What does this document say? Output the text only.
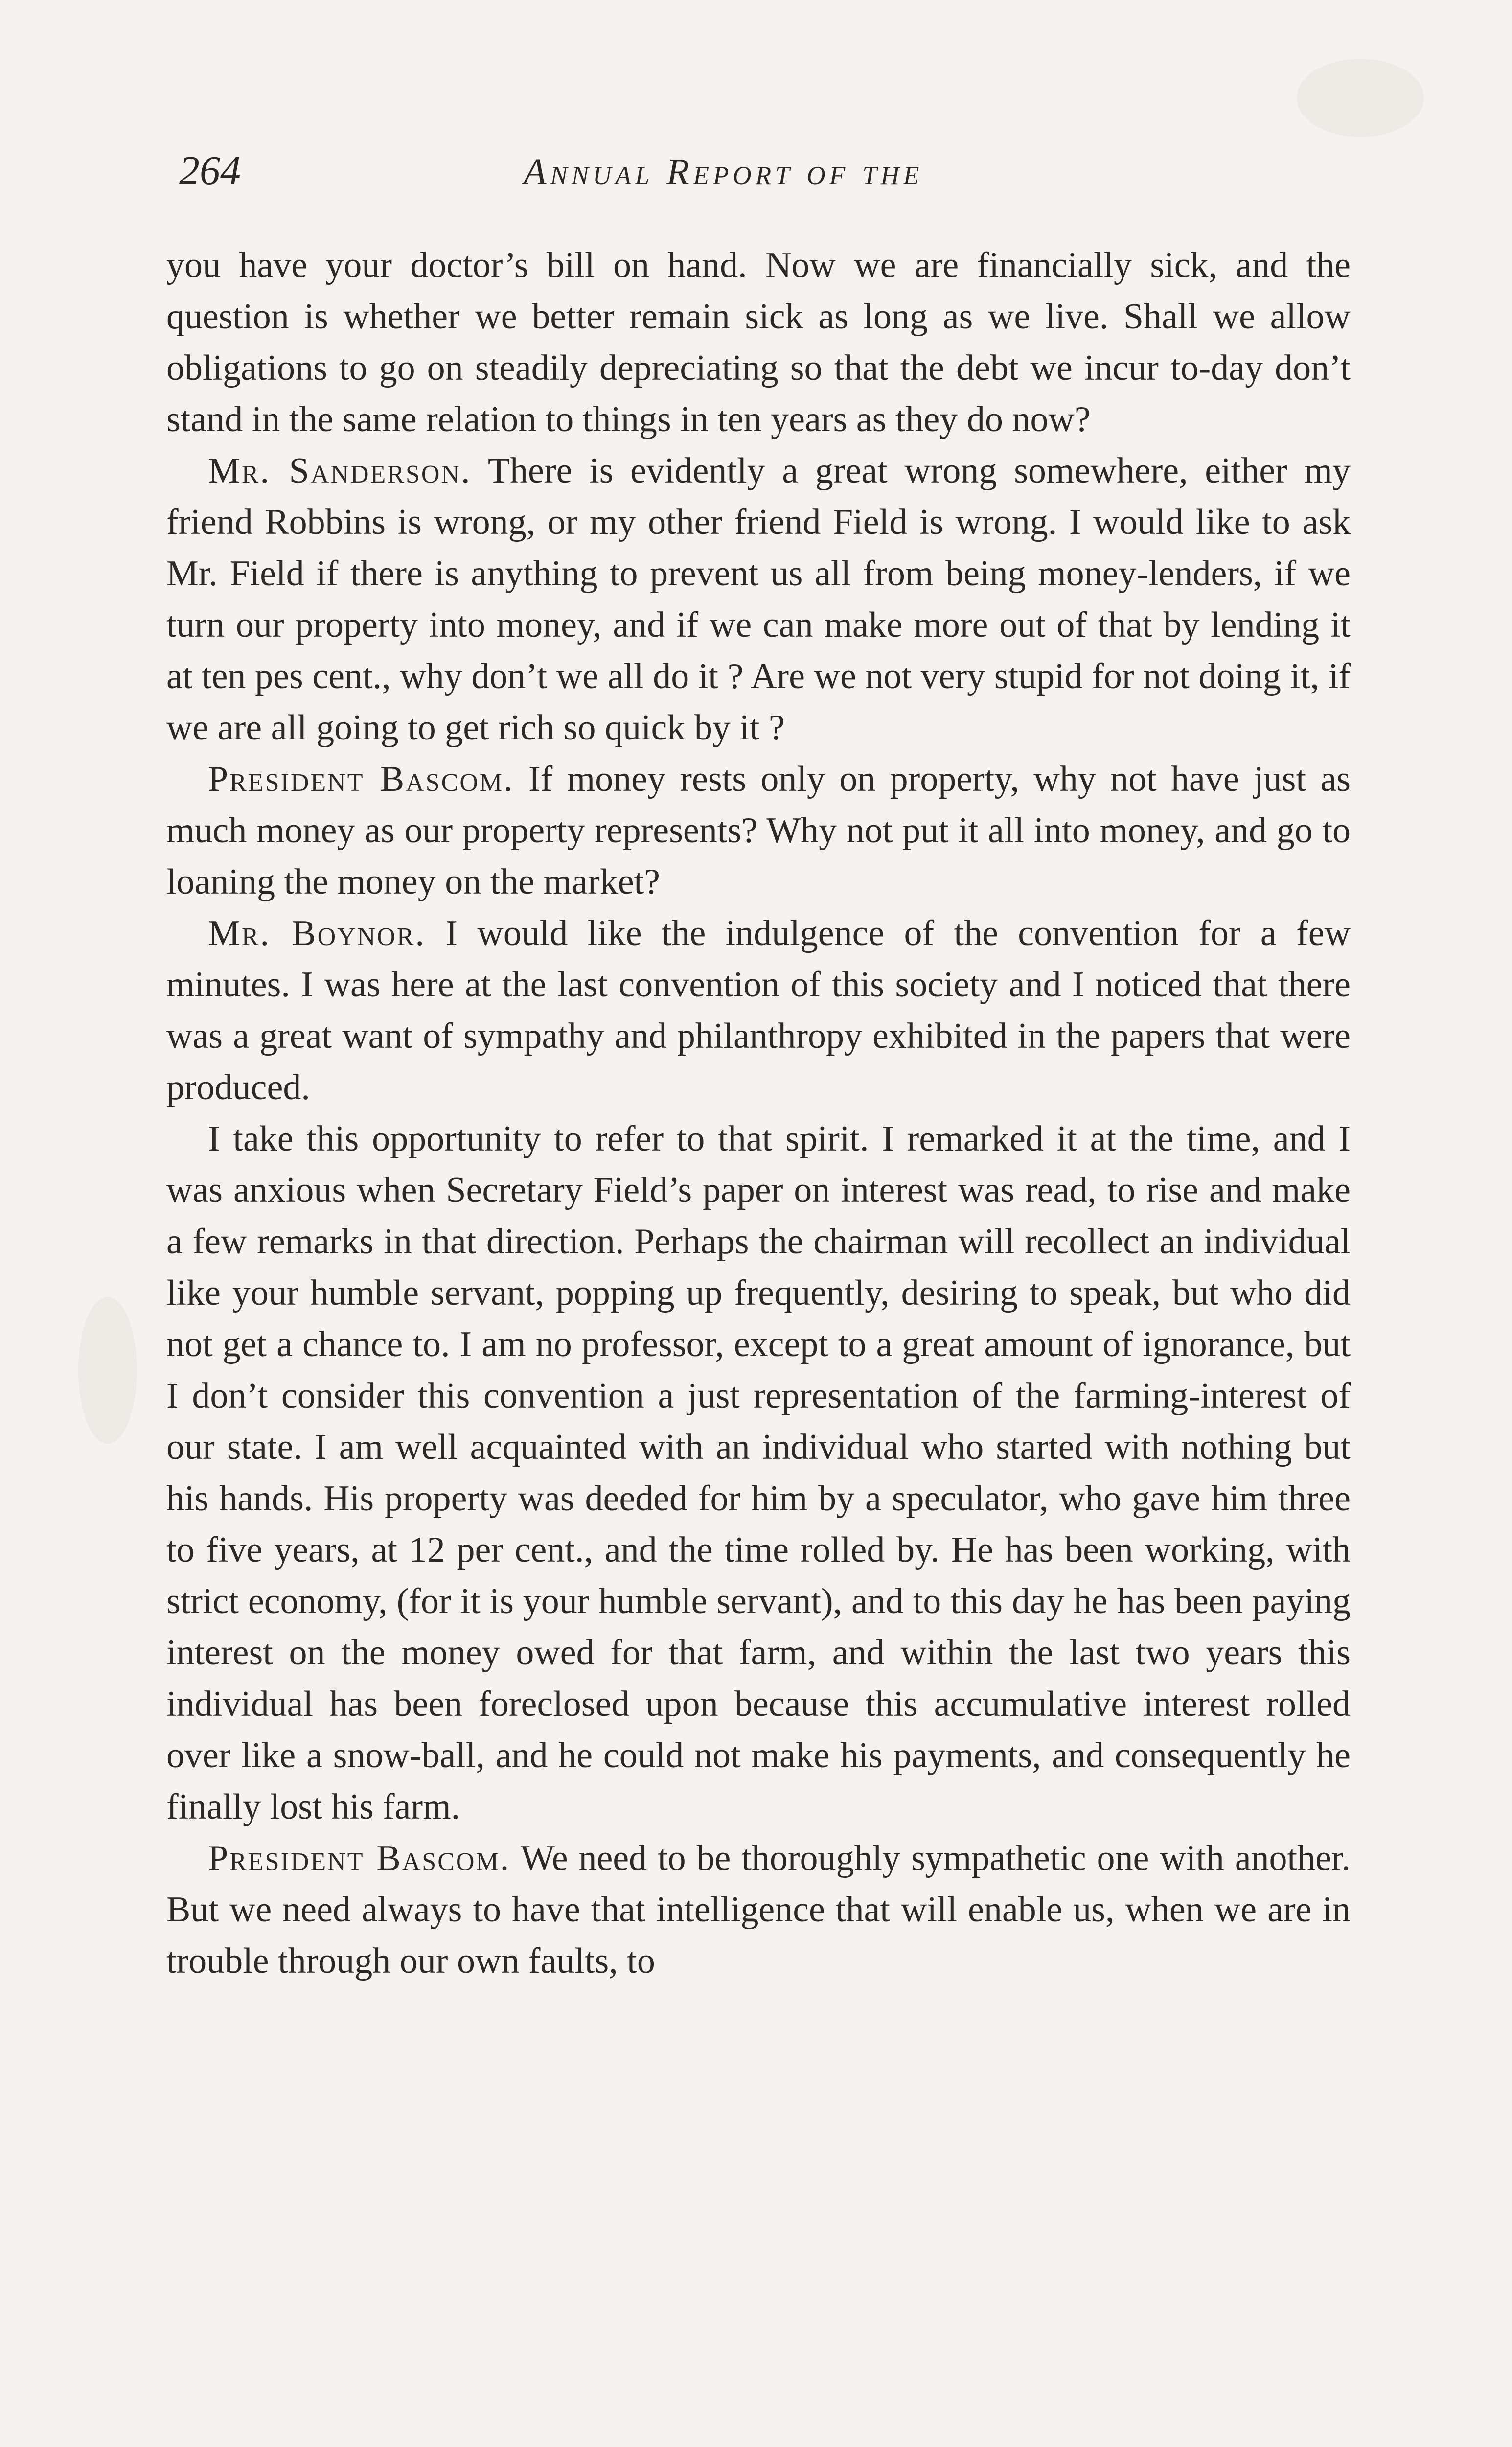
264	Annual Report of the

you have your doctor’s bill on hand. Now we are financially sick, and the question is whether we better remain sick as long as we live. Shall we allow obligations to go on steadily depreciating so that the debt we incur to-day don’t stand in the same relation to things in ten years as they do now?

Mr. Sanderson. There is evidently a great wrong somewhere, either my friend Robbins is wrong, or my other friend Field is wrong. I would like to ask Mr. Field if there is anything to prevent us all from being money-lenders, if we turn our property into money, and if we can make more out of that by lending it at ten pes cent., why don’t we all do it ? Are we not very stupid for not doing it, if we are all going to get rich so quick by it ?

President Bascom. If money rests only on property, why not have just as much money as our property represents? Why not put it all into money, and go to loaning the money on the market?

Mr. Boynor. I would like the indulgence of the convention for a few minutes. I was here at the last convention of this society and I noticed that there was a great want of sympathy and philanthropy exhibited in the papers that were produced.

I take this opportunity to refer to that spirit. I remarked it at the time, and I was anxious when Secretary Field’s paper on interest was read, to rise and make a few remarks in that direction. Perhaps the chairman will recollect an individual like your humble servant, popping up frequently, desiring to speak, but who did not get a chance to. I am no professor, except to a great amount of ignorance, but I don’t consider this convention a just representation of the farming-interest of our state. I am well acquainted with an individual who started with nothing but his hands. His property was deeded for him by a speculator, who gave him three to five years, at 12 per cent., and the time rolled by. He has been working, with strict economy, (for it is your humble servant), and to this day he has been paying interest on the money owed for that farm, and within the last two years this individual has been foreclosed upon because this accumulative interest rolled over like a snow-ball, and he could not make his payments, and consequently he finally lost his farm.

President Bascom. We need to be thoroughly sympathetic one with another. But we need always to have that intelligence that will enable us, when we are in trouble through our own faults, to
